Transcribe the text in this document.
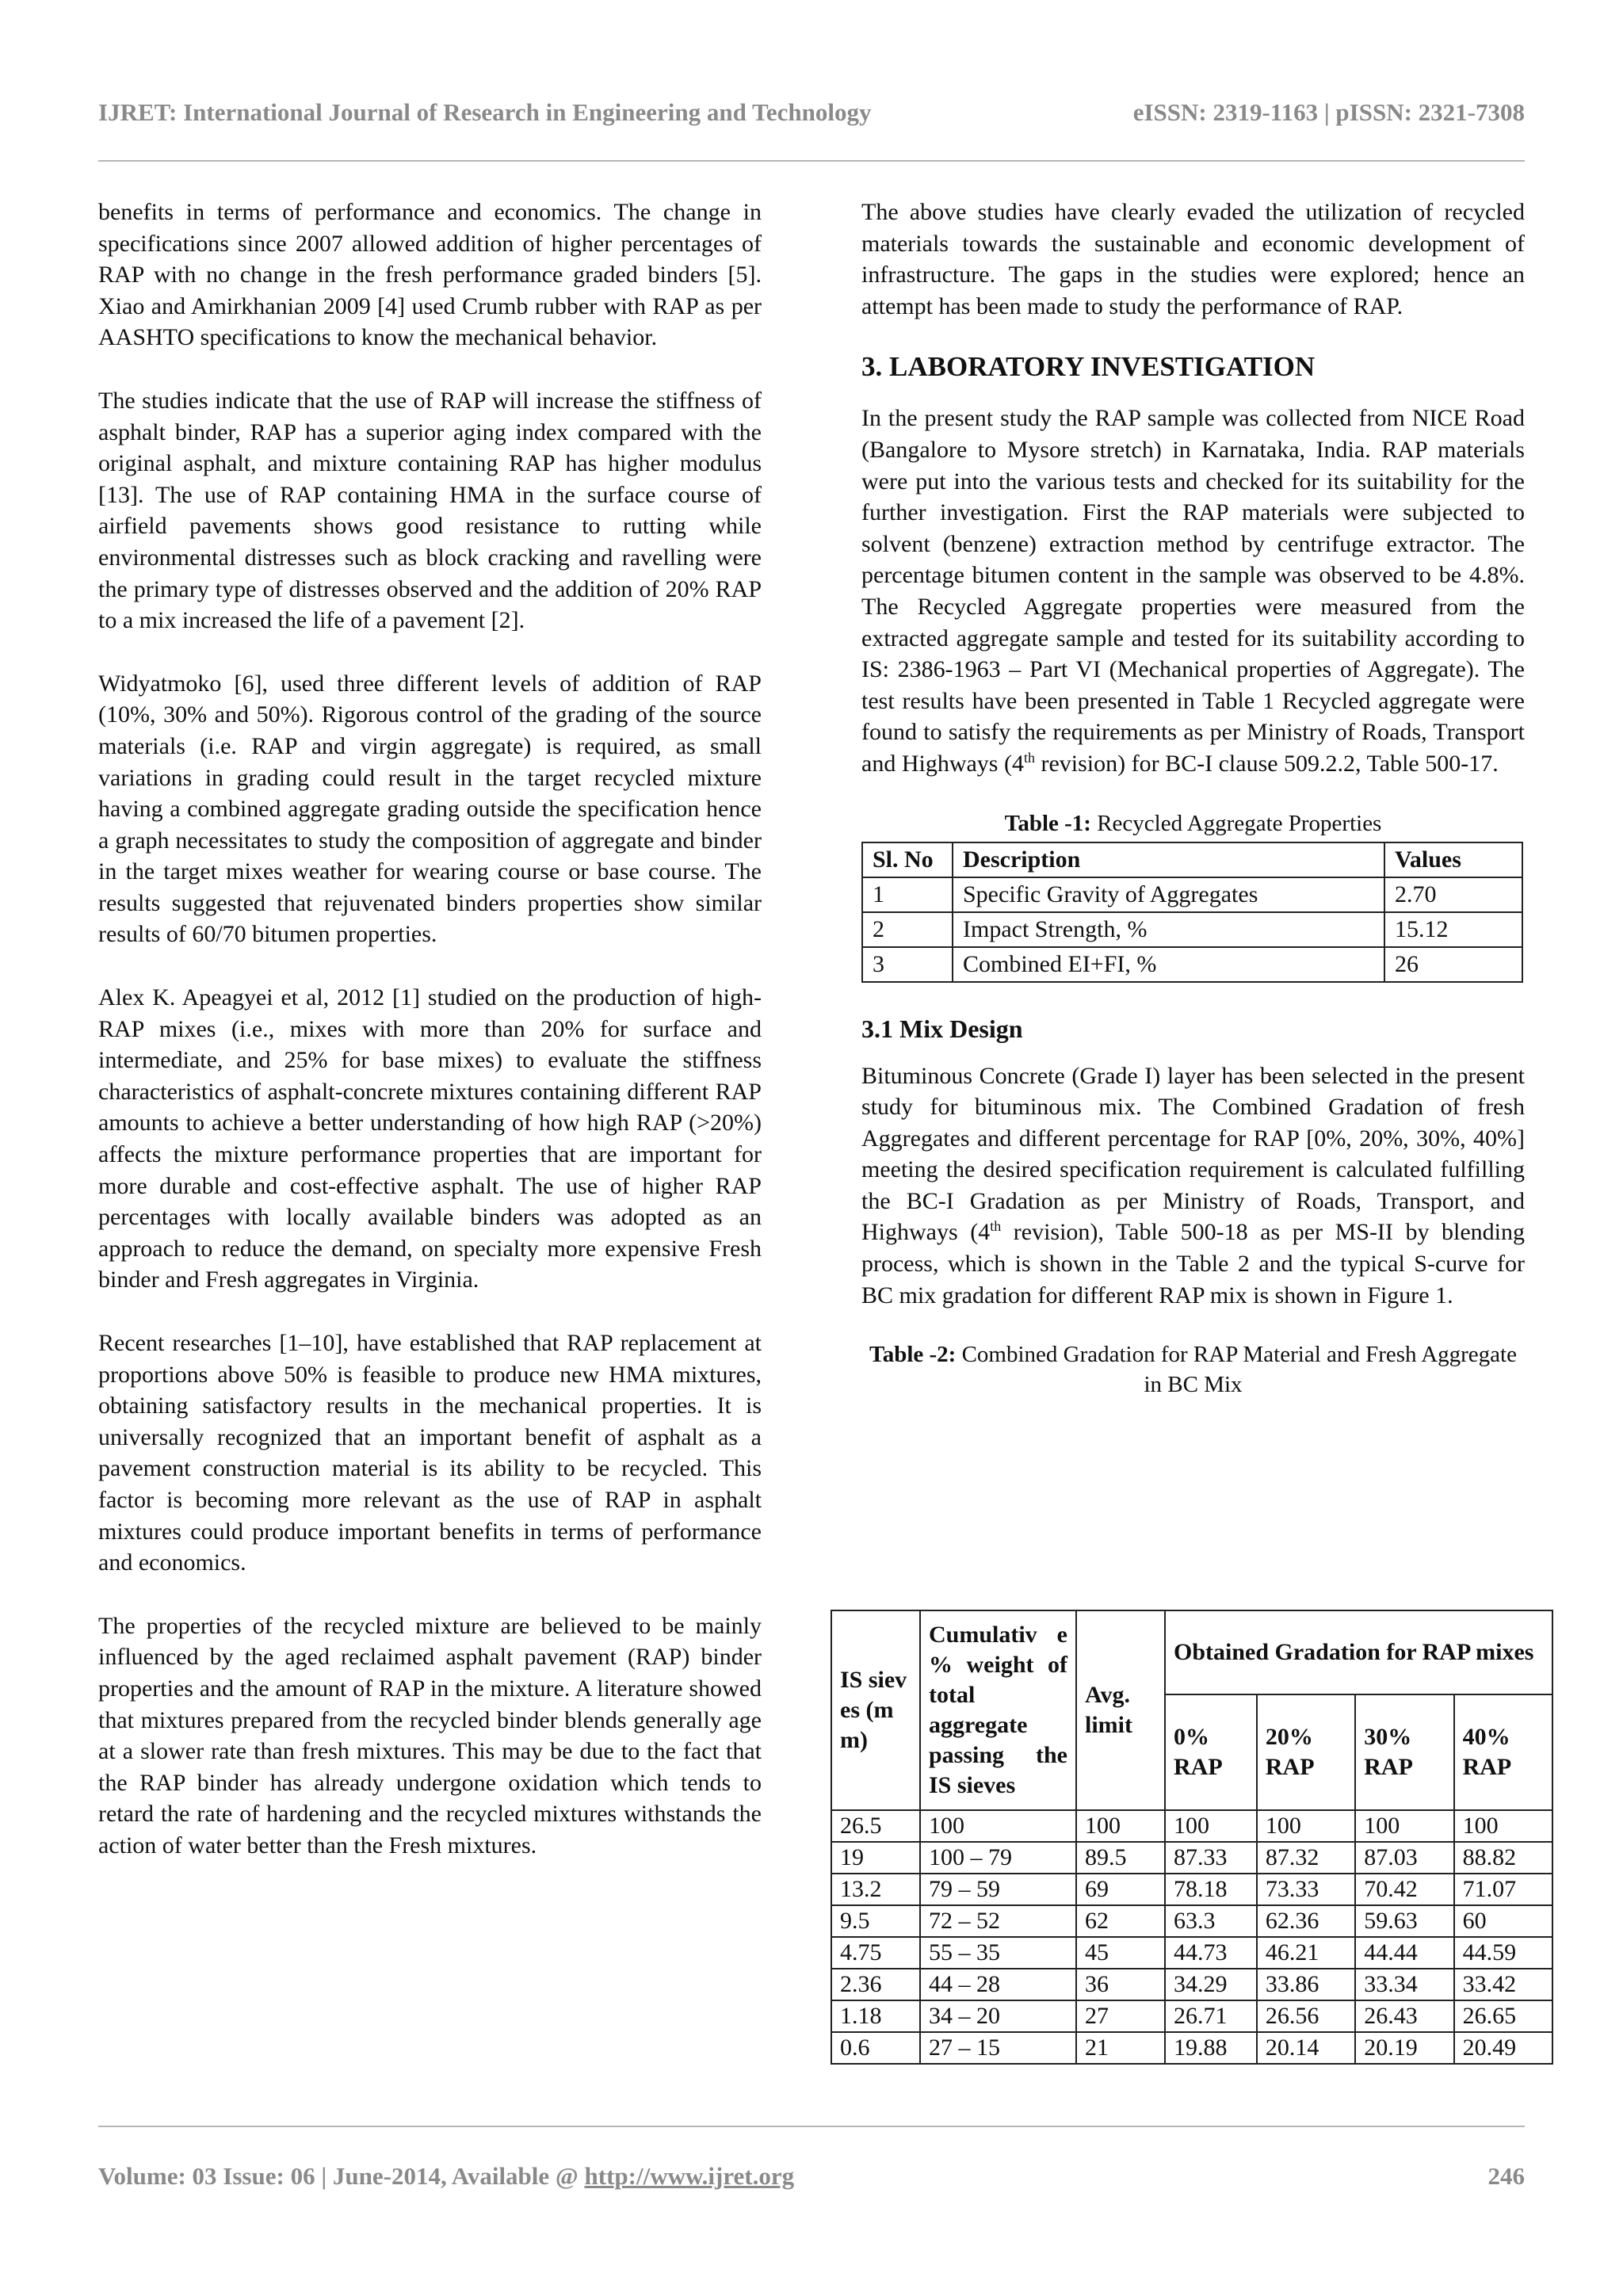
IJRET: International Journal of Research in Engineering and Technology	eISSN: 2319-1163 | pISSN: 2321-7308

benefits in terms of performance and economics. The change in specifications since 2007 allowed addition of higher percentages of RAP with no change in the fresh performance graded binders [5]. Xiao and Amirkhanian 2009 [4] used Crumb rubber with RAP as per AASHTO specifications to know the mechanical behavior.

The studies indicate that the use of RAP will increase the stiffness of asphalt binder, RAP has a superior aging index compared with the original asphalt, and mixture containing RAP has higher modulus [13]. The use of RAP containing HMA in the surface course of airfield pavements shows good resistance to rutting while environmental distresses such as block cracking and ravelling were the primary type of distresses observed and the addition of 20% RAP to a mix increased the life of a pavement [2].

Widyatmoko [6], used three different levels of addition of RAP (10%, 30% and 50%). Rigorous control of the grading of the source materials (i.e. RAP and virgin aggregate) is required, as small variations in grading could result in the target recycled mixture having a combined aggregate grading outside the specification hence a graph necessitates to study the composition of aggregate and binder in the target mixes weather for wearing course or base course. The results suggested that rejuvenated binders properties show similar results of 60/70 bitumen properties.

Alex K. Apeagyei et al, 2012 [1] studied on the production of high-RAP mixes (i.e., mixes with more than 20% for surface and intermediate, and 25% for base mixes) to evaluate the stiffness characteristics of asphalt-concrete mixtures containing different RAP amounts to achieve a better understanding of how high RAP (>20%) affects the mixture performance properties that are important for more durable and cost-effective asphalt. The use of higher RAP percentages with locally available binders was adopted as an approach to reduce the demand, on specialty more expensive Fresh binder and Fresh aggregates in Virginia.

Recent researches [1–10], have established that RAP replacement at proportions above 50% is feasible to produce new HMA mixtures, obtaining satisfactory results in the mechanical properties. It is universally recognized that an important benefit of asphalt as a pavement construction material is its ability to be recycled. This factor is becoming more relevant as the use of RAP in asphalt mixtures could produce important benefits in terms of performance and economics.

The properties of the recycled mixture are believed to be mainly influenced by the aged reclaimed asphalt pavement (RAP) binder properties and the amount of RAP in the mixture. A literature showed that mixtures prepared from the recycled binder blends generally age at a slower rate than fresh mixtures. This may be due to the fact that the RAP binder has already undergone oxidation which tends to retard the rate of hardening and the recycled mixtures withstands the action of water better than the Fresh mixtures.

The above studies have clearly evaded the utilization of recycled materials towards the sustainable and economic development of infrastructure. The gaps in the studies were explored; hence an attempt has been made to study the performance of RAP.

3. LABORATORY INVESTIGATION

In the present study the RAP sample was collected from NICE Road (Bangalore to Mysore stretch) in Karnataka, India. RAP materials were put into the various tests and checked for its suitability for the further investigation. First the RAP materials were subjected to solvent (benzene) extraction method by centrifuge extractor. The percentage bitumen content in the sample was observed to be 4.8%. The Recycled Aggregate properties were measured from the extracted aggregate sample and tested for its suitability according to IS: 2386-1963 – Part VI (Mechanical properties of Aggregate). The test results have been presented in Table 1 Recycled aggregate were found to satisfy the requirements as per Ministry of Roads, Transport and Highways (4th revision) for BC-I clause 509.2.2, Table 500-17.

Table -1: Recycled Aggregate Properties
Sl. No	Description	Values
1	Specific Gravity of Aggregates	2.70
2	Impact Strength, %	15.12
3	Combined EI+FI, %	26
3.1 Mix Design

Bituminous Concrete (Grade I) layer has been selected in the present study for bituminous mix. The Combined Gradation of fresh Aggregates and different percentage for RAP [0%, 20%, 30%, 40%] meeting the desired specification requirement is calculated fulfilling the BC-I Gradation as per Ministry of Roads, Transport, and Highways (4th revision), Table 500-18 as per MS-II by blending process, which is shown in the Table 2 and the typical S-curve for BC mix gradation for different RAP mix is shown in Figure 1.

Table -2: Combined Gradation for RAP Material and Fresh Aggregate in BC Mix
IS siev es (m m)	Cumulativ e % weight of total aggregate passing the IS sieves	Avg. limit	Obtained Gradation for RAP mixes			
			0% RAP	20% RAP	30% RAP	40% RAP
26.5	100	100	100	100	100	100
19	100 – 79	89.5	87.33	87.32	87.03	88.82
13.2	79 – 59	69	78.18	73.33	70.42	71.07
9.5	72 – 52	62	63.3	62.36	59.63	60
4.75	55 – 35	45	44.73	46.21	44.44	44.59
2.36	44 – 28	36	34.29	33.86	33.34	33.42
1.18	34 – 20	27	26.71	26.56	26.43	26.65
0.6	27 – 15	21	19.88	20.14	20.19	20.49
Volume: 03 Issue: 06 | June-2014, Available @ http://www.ijret.org	246
